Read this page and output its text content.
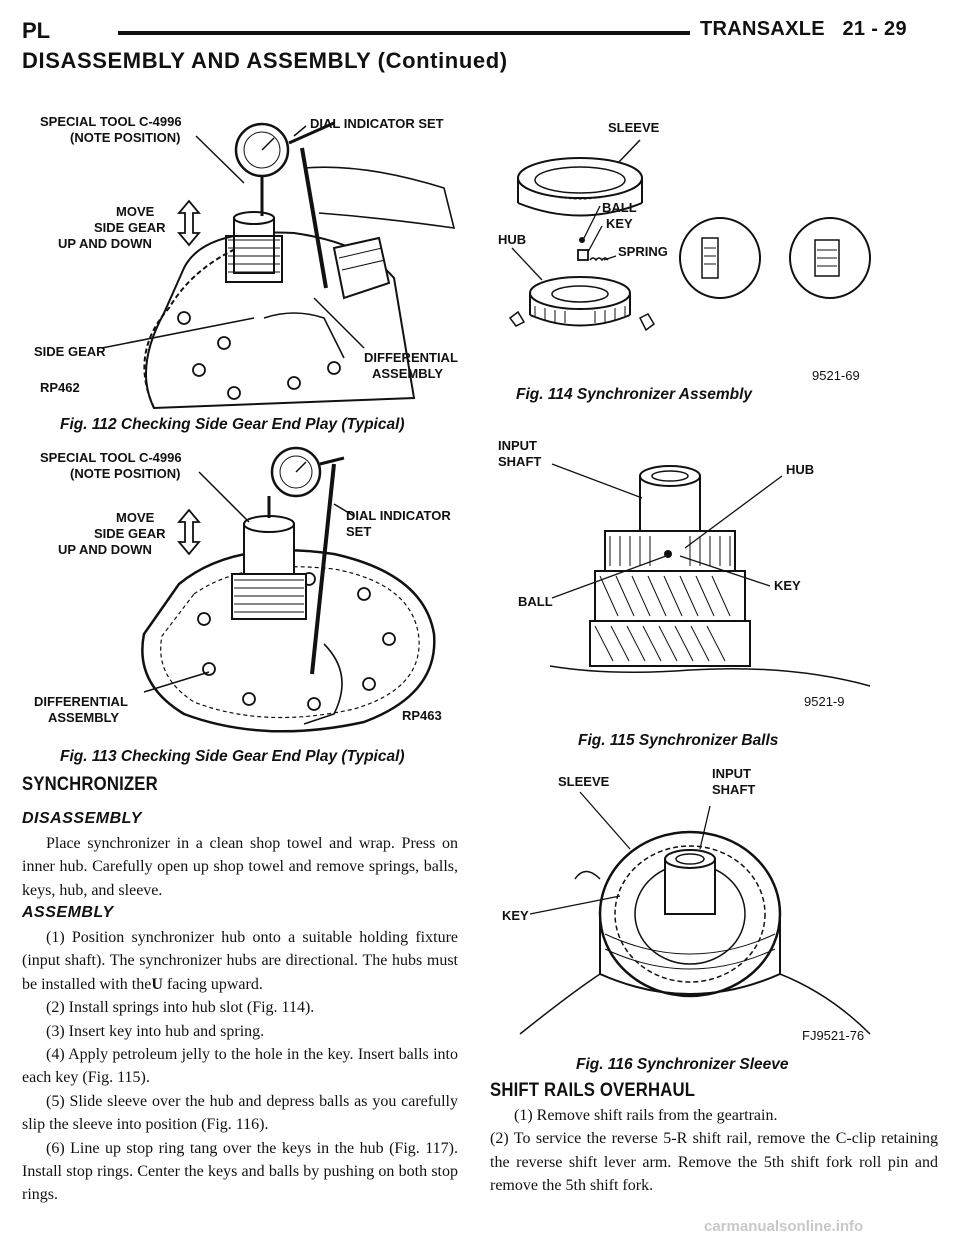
PL	TRANSAXLE   21 - 29
DISASSEMBLY AND ASSEMBLY (Continued)
SPECIAL TOOL C-4996
(NOTE POSITION)
DIAL INDICATOR SET
MOVE
SIDE GEAR
UP AND DOWN
SIDE GEAR	DIFFERENTIAL
ASSEMBLY
RP462
Fig. 112 Checking Side Gear End Play (Typical)
SPECIAL TOOL C-4996
(NOTE POSITION)
MOVE
SIDE GEAR
UP AND DOWN
DIAL INDICATOR
SET
DIFFERENTIAL
ASSEMBLY	RP463
Fig. 113 Checking Side Gear End Play (Typical)
SLEEVE
BALL
HUB
KEY
SPRING
9521-69
Fig. 114 Synchronizer Assembly
INPUT
SHAFT
HUB
KEY
BALL
9521-9
Fig. 115 Synchronizer Balls
SLEEVE
INPUT
SHAFT
KEY
FJ9521-76
Fig. 116 Synchronizer Sleeve
SYNCHRONIZER
DISASSEMBLY

Place synchronizer in a clean shop towel and wrap. Press on inner hub. Carefully open up shop towel and remove springs, balls, keys, hub, and sleeve.

ASSEMBLY

(1) Position synchronizer hub onto a suitable holding fixture (input shaft). The synchronizer hubs are directional. The hubs must be installed with theU facing upward.

(2) Install springs into hub slot (Fig. 114).

(3) Insert key into hub and spring.

(4) Apply petroleum jelly to the hole in the key. Insert balls into each key (Fig. 115).

(5) Slide sleeve over the hub and depress balls as you carefully slip the sleeve into position (Fig. 116).

(6) Line up stop ring tang over the keys in the hub (Fig. 117). Install stop rings. Center the keys and balls by pushing on both stop rings.

SHIFT RAILS OVERHAUL

(1) Remove shift rails from the geartrain.

(2) To service the reverse 5-R shift rail, remove the C-clip retaining the reverse shift lever arm. Remove the 5th shift fork roll pin and remove the 5th shift fork.

carmanualsonline.info
